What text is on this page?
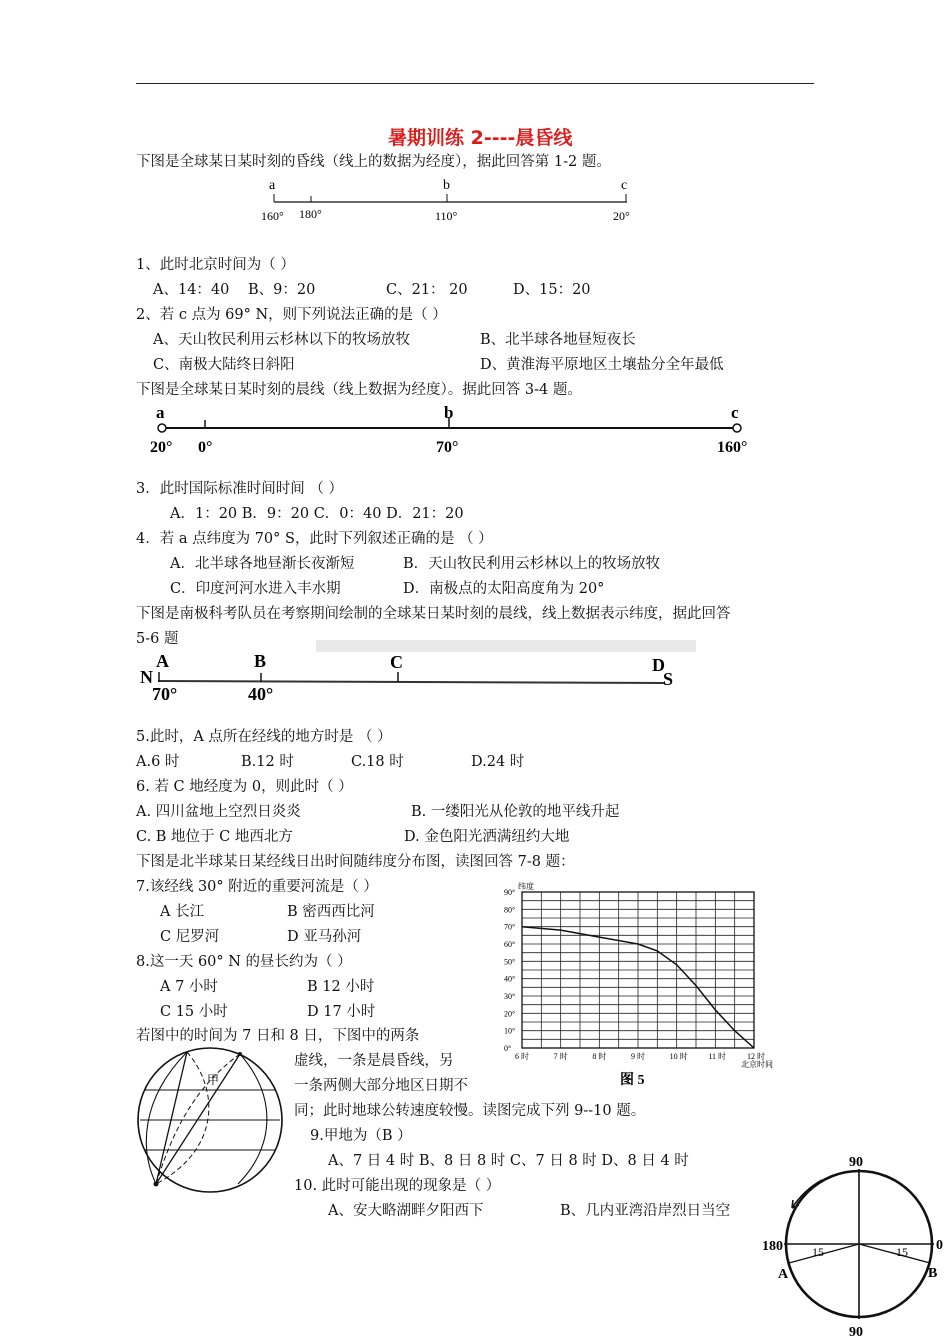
暑期训练 2----晨昏线
下图是全球某日某时刻的昏线（线上的数据为经度），据此回答第 1-2 题。
a	b	c
160° 180°	110°	20°
1、此时北京时间为（ ）
A、14：40 B、9：20	C、21： 20	D、15：20
2、若 c 点为 69° N，则下列说法正确的是（ ）
A、天山牧民利用云杉林以下的牧场放牧	B、北半球各地昼短夜长
C、南极大陆终日斜阳	D、黄淮海平原地区土壤盐分全年最低
下图是全球某日某时刻的晨线（线上数据为经度）。据此回答 3-4 题。
a	b	c
20° 0°	70°	160°
3．此时国际标准时间时间 （ ）
A．1：20 B．9：20 C．0：40 D．21：20
4．若 a 点纬度为 70° S，此时下列叙述正确的是 （ ）
A．北半球各地昼渐长夜渐短	B．天山牧民利用云杉林以上的牧场放牧
C．印度河河水进入丰水期	D．南极点的太阳高度角为 20°
下图是南极科考队员在考察期间绘制的全球某日某时刻的晨线，线上数据表示纬度，据此回答
5-6 题
N
A	B	C	D
S
70°	40°
5.此时，A 点所在经线的地方时是 （ ）
A.6 时	B.12 时	C.18 时	D.24 时
6. 若 C 地经度为 0，则此时（ ）
A. 四川盆地上空烈日炎炎	B. 一缕阳光从伦敦的地平线升起
C. B 地位于 C 地西北方	D. 金色阳光洒满纽约大地
下图是北半球某日某经线日出时间随纬度分布图，读图回答 7-8 题：
7.该经线 30° 附近的重要河流是（ ）
A 长江	B 密西西比河
C 尼罗河	D 亚马孙河
8.这一天 60° N 的昼长约为（ ）
A 7 小时	B 12 小时
C 15 小时	D 17 小时
纬度
90°
80°
70°
60°
50°
40°
30°
20°
10°
0°
6 时	7 时	8 时	9 时	10 时	11 时	12 时
北京时间
图 5
若图中的时间为 7 日和 8 日，下图中的两条
甲
虚线，一条是晨昏线，另
一条两侧大部分地区日期不
同；此时地球公转速度较慢。读图完成下列 9--10 题。
9.甲地为（B ）
A、7 日 4 时 B、8 日 8 时 C、7 日 8 时 D、8 日 4 时
10. 此时可能出现的现象是（ ）
A、安大略湖畔夕阳西下	B、几内亚湾沿岸烈日当空
90
90
180	0
A	B
15	15
